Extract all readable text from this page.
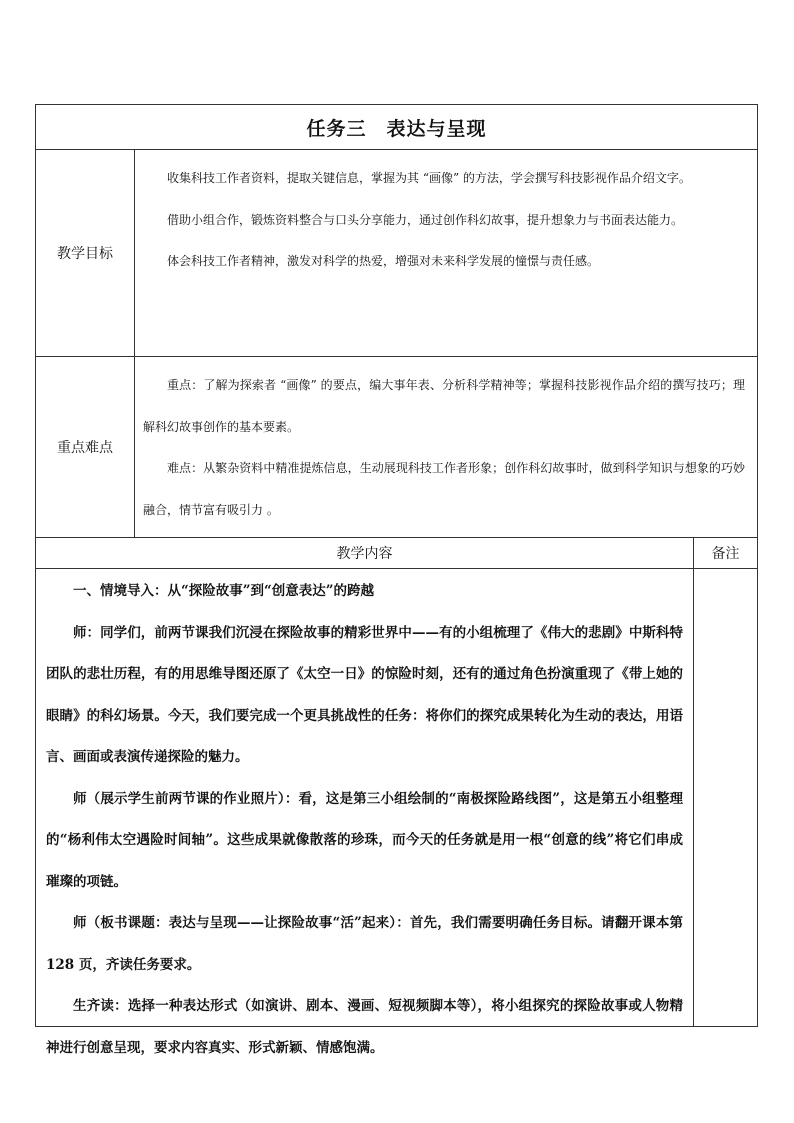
任务三　表达与呈现		
教学目标	收集科技工作者资料，提取关键信息，掌握为其 “画像” 的方法，学会撰写科技影视作品介绍文字。

借助小组合作，锻炼资料整合与口头分享能力，通过创作科幻故事，提升想象力与书面表达能力。

体会科技工作者精神，激发对科学的热爱，增强对未来科学发展的憧憬与责任感。	

重点难点	重点：了解为探索者 “画像” 的要点，编大事年表、分析科学精神等；掌握科技影视作品介绍的撰写技巧；理解科幻故事创作的基本要素。

难点：从繁杂资料中精准提炼信息，生动展现科技工作者形象；创作科幻故事时，做到科学知识与想象的巧妙融合，情节富有吸引力 。	

教学内容		备注

一、情境导入：从“探险故事”到“创意表达”的跨越

师：同学们，前两节课我们沉浸在探险故事的精彩世界中——有的小组梳理了《伟大的悲剧》中斯科特团队的悲壮历程，有的用思维导图还原了《太空一日》的惊险时刻，还有的通过角色扮演重现了《带上她的眼睛》的科幻场景。今天，我们要完成一个更具挑战性的任务：将你们的探究成果转化为生动的表达，用语言、画面或表演传递探险的魅力。

师（展示学生前两节课的作业照片）：看，这是第三小组绘制的“南极探险路线图”，这是第五小组整理的“杨利伟太空遇险时间轴”。这些成果就像散落的珍珠，而今天的任务就是用一根“创意的线”将它们串成璀璨的项链。

师（板书课题：表达与呈现——让探险故事“活”起来）：首先，我们需要明确任务目标。请翻开课本第 128 页，齐读任务要求。

生齐读：选择一种表达形式（如演讲、剧本、漫画、短视频脚本等），将小组探究的探险故事或人物精神进行创意呈现，要求内容真实、形式新颖、情感饱满。		
